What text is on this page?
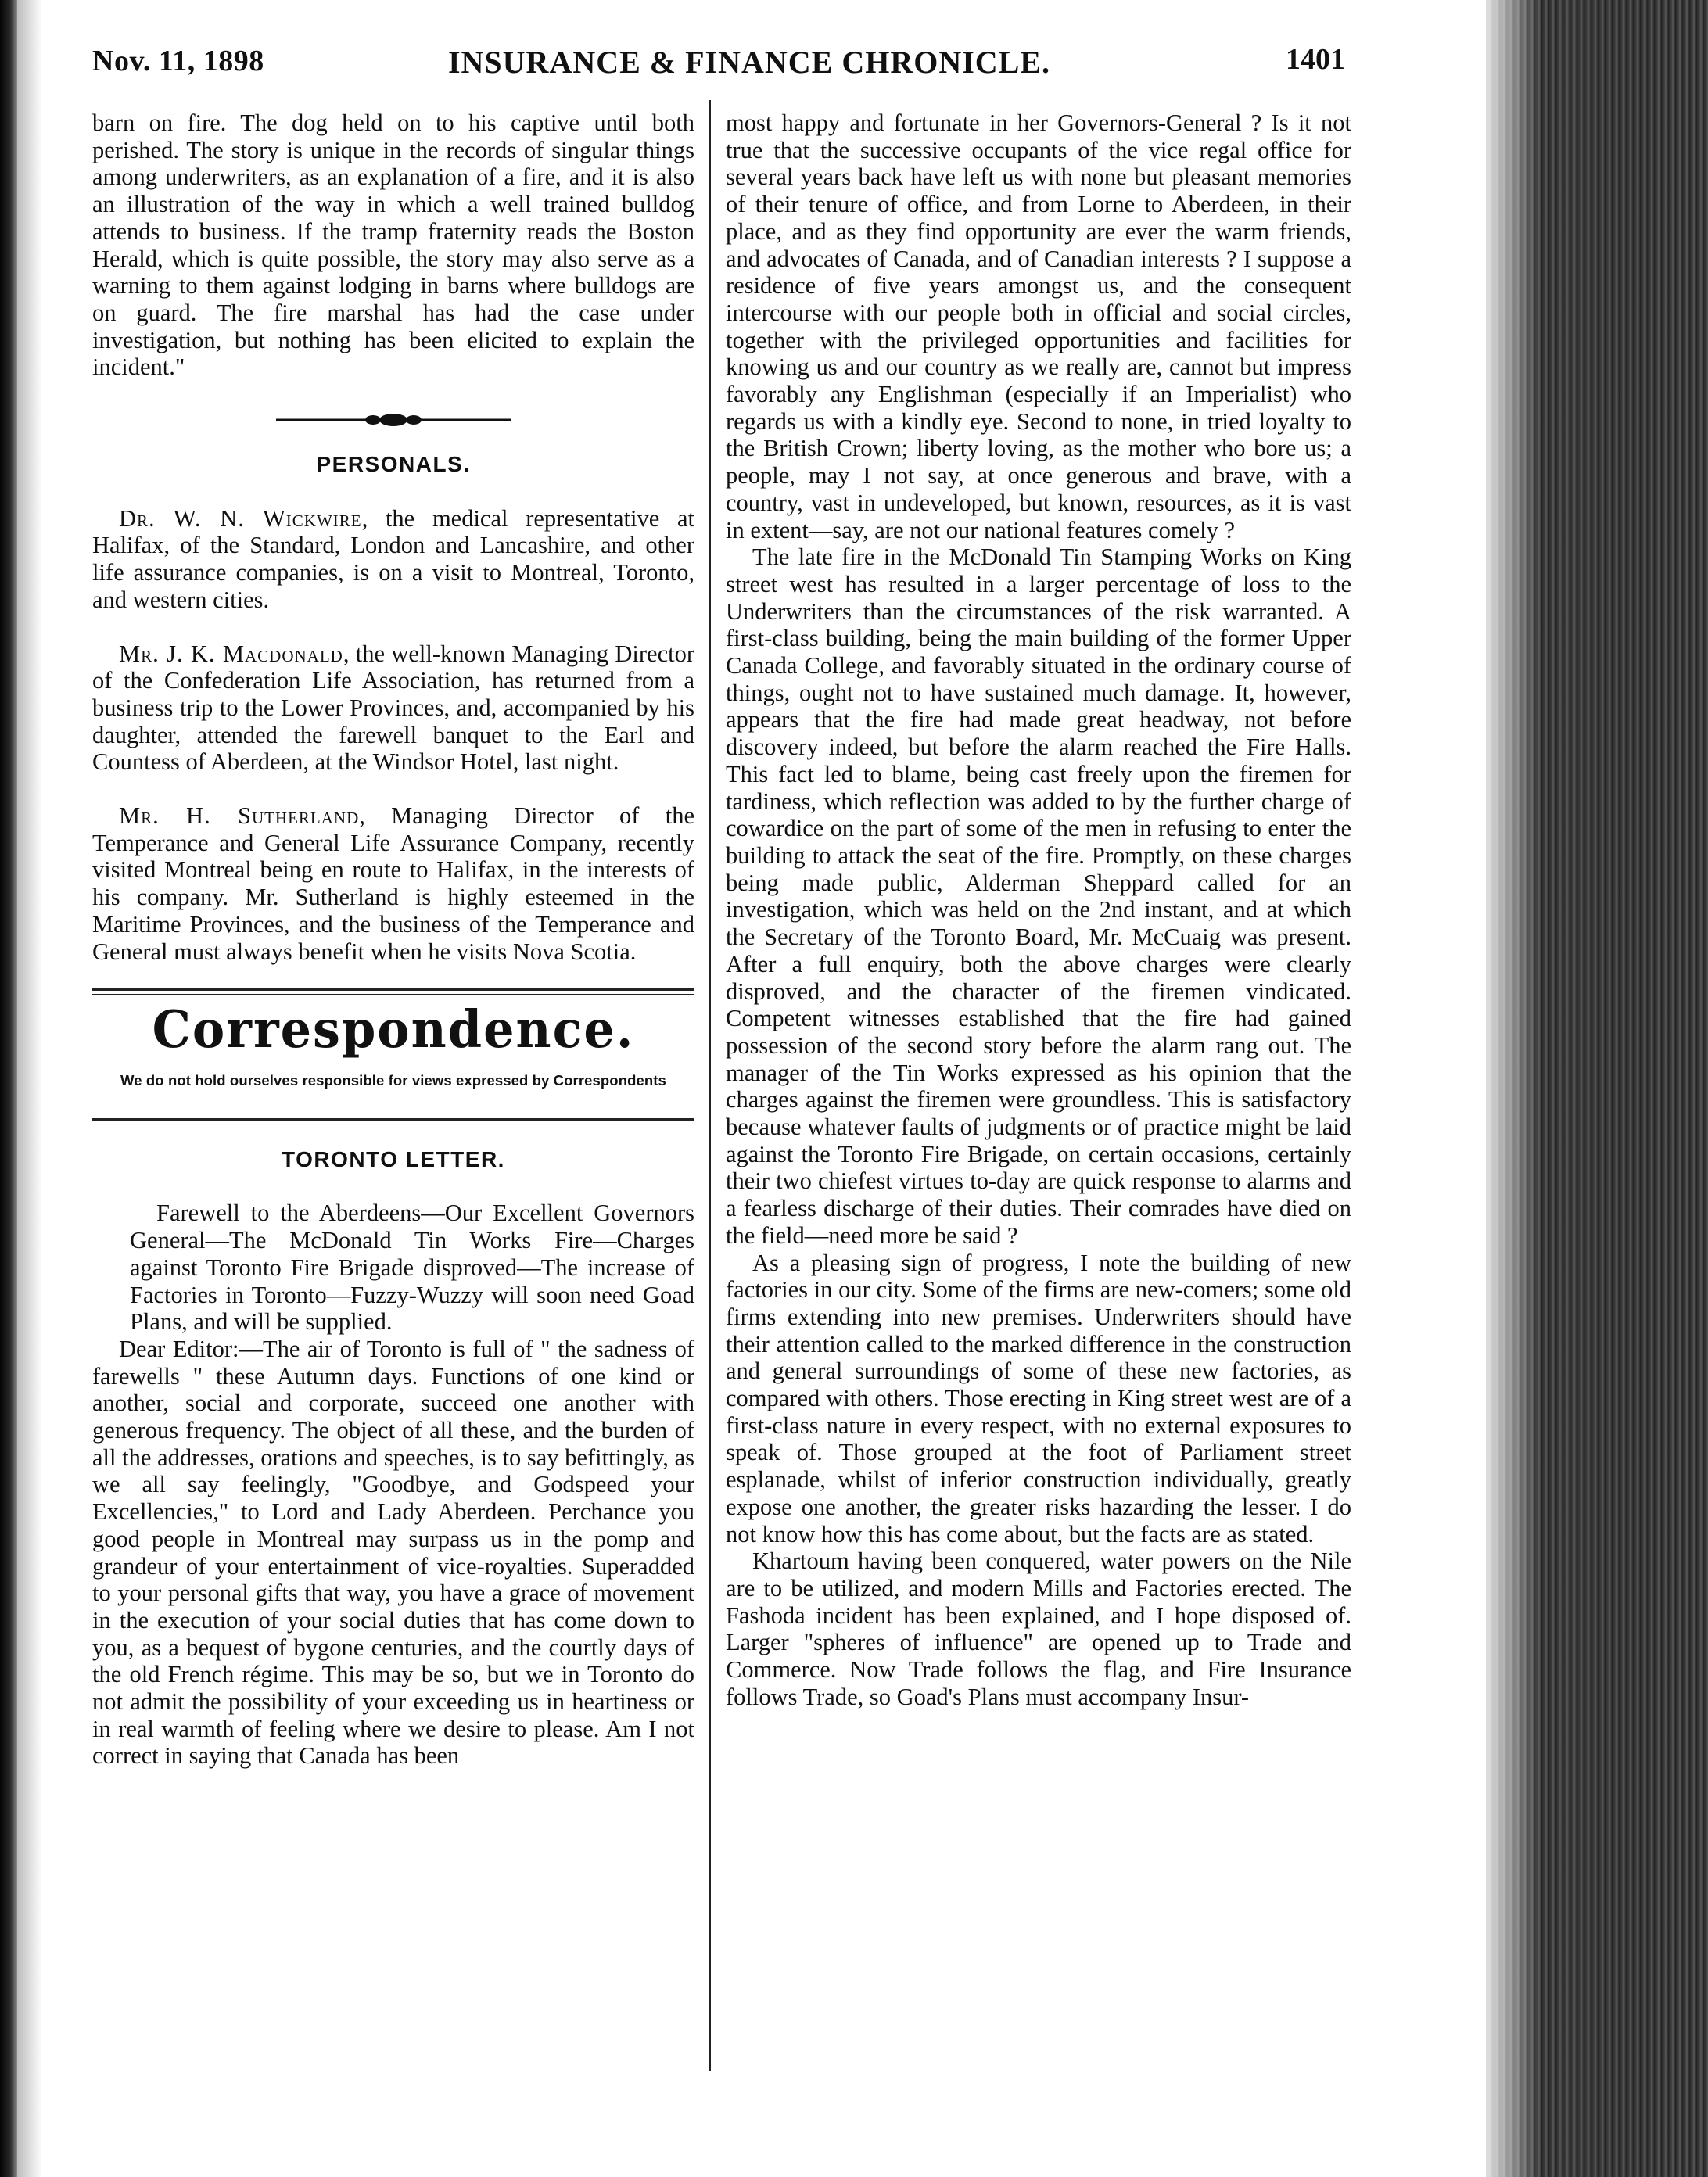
Nov. 11, 1898	INSURANCE & FINANCE CHRONICLE.	1401

barn on fire. The dog held on to his captive until both perished. The story is unique in the records of singular things among underwriters, as an explanation of a fire, and it is also an illustration of the way in which a well trained bulldog attends to business. If the tramp fraternity reads the Boston Herald, which is quite possible, the story may also serve as a warning to them against lodging in barns where bulldogs are on guard. The fire marshal has had the case under investigation, but nothing has been elicited to explain the incident."

PERSONALS.

Dr. W. N. Wickwire, the medical representative at Halifax, of the Standard, London and Lancashire, and other life assurance companies, is on a visit to Montreal, Toronto, and western cities.

Mr. J. K. Macdonald, the well-known Managing Director of the Confederation Life Association, has returned from a business trip to the Lower Provinces, and, accompanied by his daughter, attended the farewell banquet to the Earl and Countess of Aberdeen, at the Windsor Hotel, last night.

Mr. H. Sutherland, Managing Director of the Temperance and General Life Assurance Company, recently visited Montreal being en route to Halifax, in the interests of his company. Mr. Sutherland is highly esteemed in the Maritime Provinces, and the business of the Temperance and General must always benefit when he visits Nova Scotia.

Correspondence.
We do not hold ourselves responsible for views expressed by Correspondents
TORONTO LETTER.

Farewell to the Aberdeens—Our Excellent Governors General—The McDonald Tin Works Fire—Charges against Toronto Fire Brigade disproved—The increase of Factories in Toronto—Fuzzy-Wuzzy will soon need Goad Plans, and will be supplied.

Dear Editor:—The air of Toronto is full of " the sadness of farewells " these Autumn days. Functions of one kind or another, social and corporate, succeed one another with generous frequency. The object of all these, and the burden of all the addresses, orations and speeches, is to say befittingly, as we all say feelingly, "Goodbye, and Godspeed your Excellencies," to Lord and Lady Aberdeen. Perchance you good people in Montreal may surpass us in the pomp and grandeur of your entertainment of vice-royalties. Superadded to your personal gifts that way, you have a grace of movement in the execution of your social duties that has come down to you, as a bequest of bygone centuries, and the courtly days of the old French régime. This may be so, but we in Toronto do not admit the possibility of your exceeding us in heartiness or in real warmth of feeling where we desire to please. Am I not correct in saying that Canada has been

most happy and fortunate in her Governors-General ? Is it not true that the successive occupants of the vice regal office for several years back have left us with none but pleasant memories of their tenure of office, and from Lorne to Aberdeen, in their place, and as they find opportunity are ever the warm friends, and advocates of Canada, and of Canadian interests ? I suppose a residence of five years amongst us, and the consequent intercourse with our people both in official and social circles, together with the privileged opportunities and facilities for knowing us and our country as we really are, cannot but impress favorably any Englishman (especially if an Imperialist) who regards us with a kindly eye. Second to none, in tried loyalty to the British Crown; liberty loving, as the mother who bore us; a people, may I not say, at once generous and brave, with a country, vast in undeveloped, but known, resources, as it is vast in extent—say, are not our national features comely ?

The late fire in the McDonald Tin Stamping Works on King street west has resulted in a larger percentage of loss to the Underwriters than the circumstances of the risk warranted. A first-class building, being the main building of the former Upper Canada College, and favorably situated in the ordinary course of things, ought not to have sustained much damage. It, however, appears that the fire had made great headway, not before discovery indeed, but before the alarm reached the Fire Halls. This fact led to blame, being cast freely upon the firemen for tardiness, which reflection was added to by the further charge of cowardice on the part of some of the men in refusing to enter the building to attack the seat of the fire. Promptly, on these charges being made public, Alderman Sheppard called for an investigation, which was held on the 2nd instant, and at which the Secretary of the Toronto Board, Mr. McCuaig was present. After a full enquiry, both the above charges were clearly disproved, and the character of the firemen vindicated. Competent witnesses established that the fire had gained possession of the second story before the alarm rang out. The manager of the Tin Works expressed as his opinion that the charges against the firemen were groundless. This is satisfactory because whatever faults of judgments or of practice might be laid against the Toronto Fire Brigade, on certain occasions, certainly their two chiefest virtues to-day are quick response to alarms and a fearless discharge of their duties. Their comrades have died on the field—need more be said ?

As a pleasing sign of progress, I note the building of new factories in our city. Some of the firms are new-comers; some old firms extending into new premises. Underwriters should have their attention called to the marked difference in the construction and general surroundings of some of these new factories, as compared with others. Those erecting in King street west are of a first-class nature in every respect, with no external exposures to speak of. Those grouped at the foot of Parliament street esplanade, whilst of inferior construction individually, greatly expose one another, the greater risks hazarding the lesser. I do not know how this has come about, but the facts are as stated.

Khartoum having been conquered, water powers on the Nile are to be utilized, and modern Mills and Factories erected. The Fashoda incident has been explained, and I hope disposed of. Larger "spheres of influence" are opened up to Trade and Commerce. Now Trade follows the flag, and Fire Insurance follows Trade, so Goad's Plans must accompany Insur-
